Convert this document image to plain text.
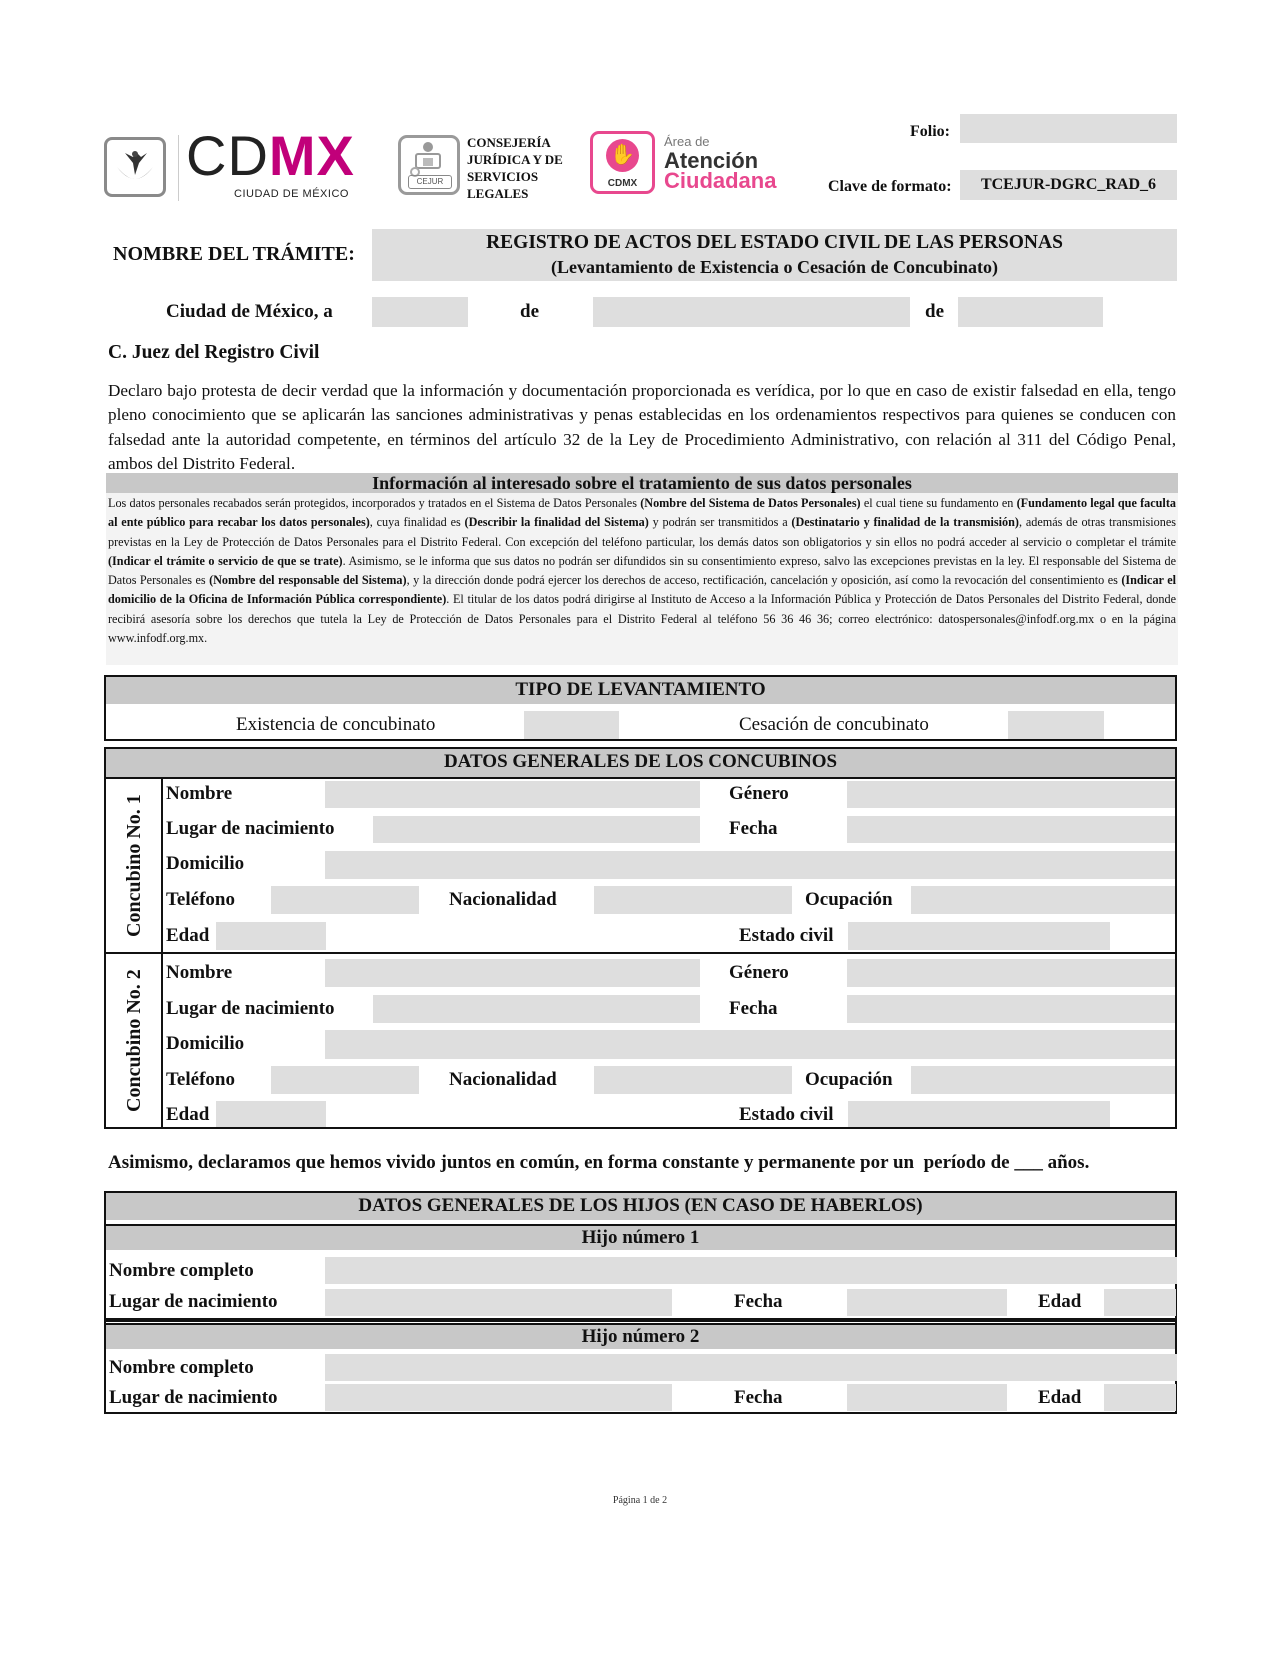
CDMX
CIUDAD DE MÉXICO
CEJUR
CONSEJERÍA
JURÍDICA Y DE
SERVICIOS
LEGALES
✋
CDMX
Área de
Atención
Ciudadana
Folio:
Clave de formato:	TCEJUR-DGRC_RAD_6
NOMBRE DEL TRÁMITE:
REGISTRO DE ACTOS DEL ESTADO CIVIL DE LAS PERSONAS
(Levantamiento de Existencia o Cesación de Concubinato)
Ciudad de México, a	de	de
C. Juez del Registro Civil
Declaro bajo protesta de decir verdad que la información y documentación proporcionada es verídica, por lo que en caso de existir falsedad en ella, tengo pleno conocimiento que se aplicarán las sanciones administrativas y penas establecidas en los ordenamientos respectivos para quienes se conducen con falsedad ante la autoridad competente, en términos del artículo 32 de la Ley de Procedimiento Administrativo, con relación al 311 del Código Penal, ambos del Distrito Federal.
Información al interesado sobre el tratamiento de sus datos personales
Los datos personales recabados serán protegidos, incorporados y tratados en el Sistema de Datos Personales (Nombre del Sistema de Datos Personales) el cual tiene su fundamento en (Fundamento legal que faculta al ente público para recabar los datos personales), cuya finalidad es (Describir la finalidad del Sistema) y podrán ser transmitidos a (Destinatario y finalidad de la transmisión), además de otras transmisiones previstas en la Ley de Protección de Datos Personales para el Distrito Federal. Con excepción del teléfono particular, los demás datos son obligatorios y sin ellos no podrá acceder al servicio o completar el trámite (Indicar el trámite o servicio de que se trate). Asimismo, se le informa que sus datos no podrán ser difundidos sin su consentimiento expreso, salvo las excepciones previstas en la ley. El responsable del Sistema de Datos Personales es (Nombre del responsable del Sistema), y la dirección donde podrá ejercer los derechos de acceso, rectificación, cancelación y oposición, así como la revocación del consentimiento es (Indicar el domicilio de la Oficina de Información Pública correspondiente). El titular de los datos podrá dirigirse al Instituto de Acceso a la Información Pública y Protección de Datos Personales del Distrito Federal, donde recibirá asesoría sobre los derechos que tutela la Ley de Protección de Datos Personales para el Distrito Federal al teléfono 56 36 46 36; correo electrónico: datospersonales@infodf.org.mx o en la página www.infodf.org.mx.
TIPO DE LEVANTAMIENTO
Existencia de concubinato	Cesación de concubinato
DATOS GENERALES DE LOS CONCUBINOS
Concubino No. 1
Nombre	Género
Lugar de nacimiento	Fecha
Domicilio
Teléfono	Nacionalidad	Ocupación
Edad	Estado civil
Concubino No. 2	Nombre	Género
Lugar de nacimiento	Fecha
Domicilio
Teléfono	Nacionalidad	Ocupación
Edad	Estado civil
Asimismo, declaramos que hemos vivido juntos en común, en forma constante y permanente por un  período de ___ años.
DATOS GENERALES DE LOS HIJOS (EN CASO DE HABERLOS)
Hijo número 1
Nombre completo
Lugar de nacimiento	Fecha	Edad
Hijo número 2
Nombre completo
Lugar de nacimiento	Fecha	Edad
Página 1 de 2
